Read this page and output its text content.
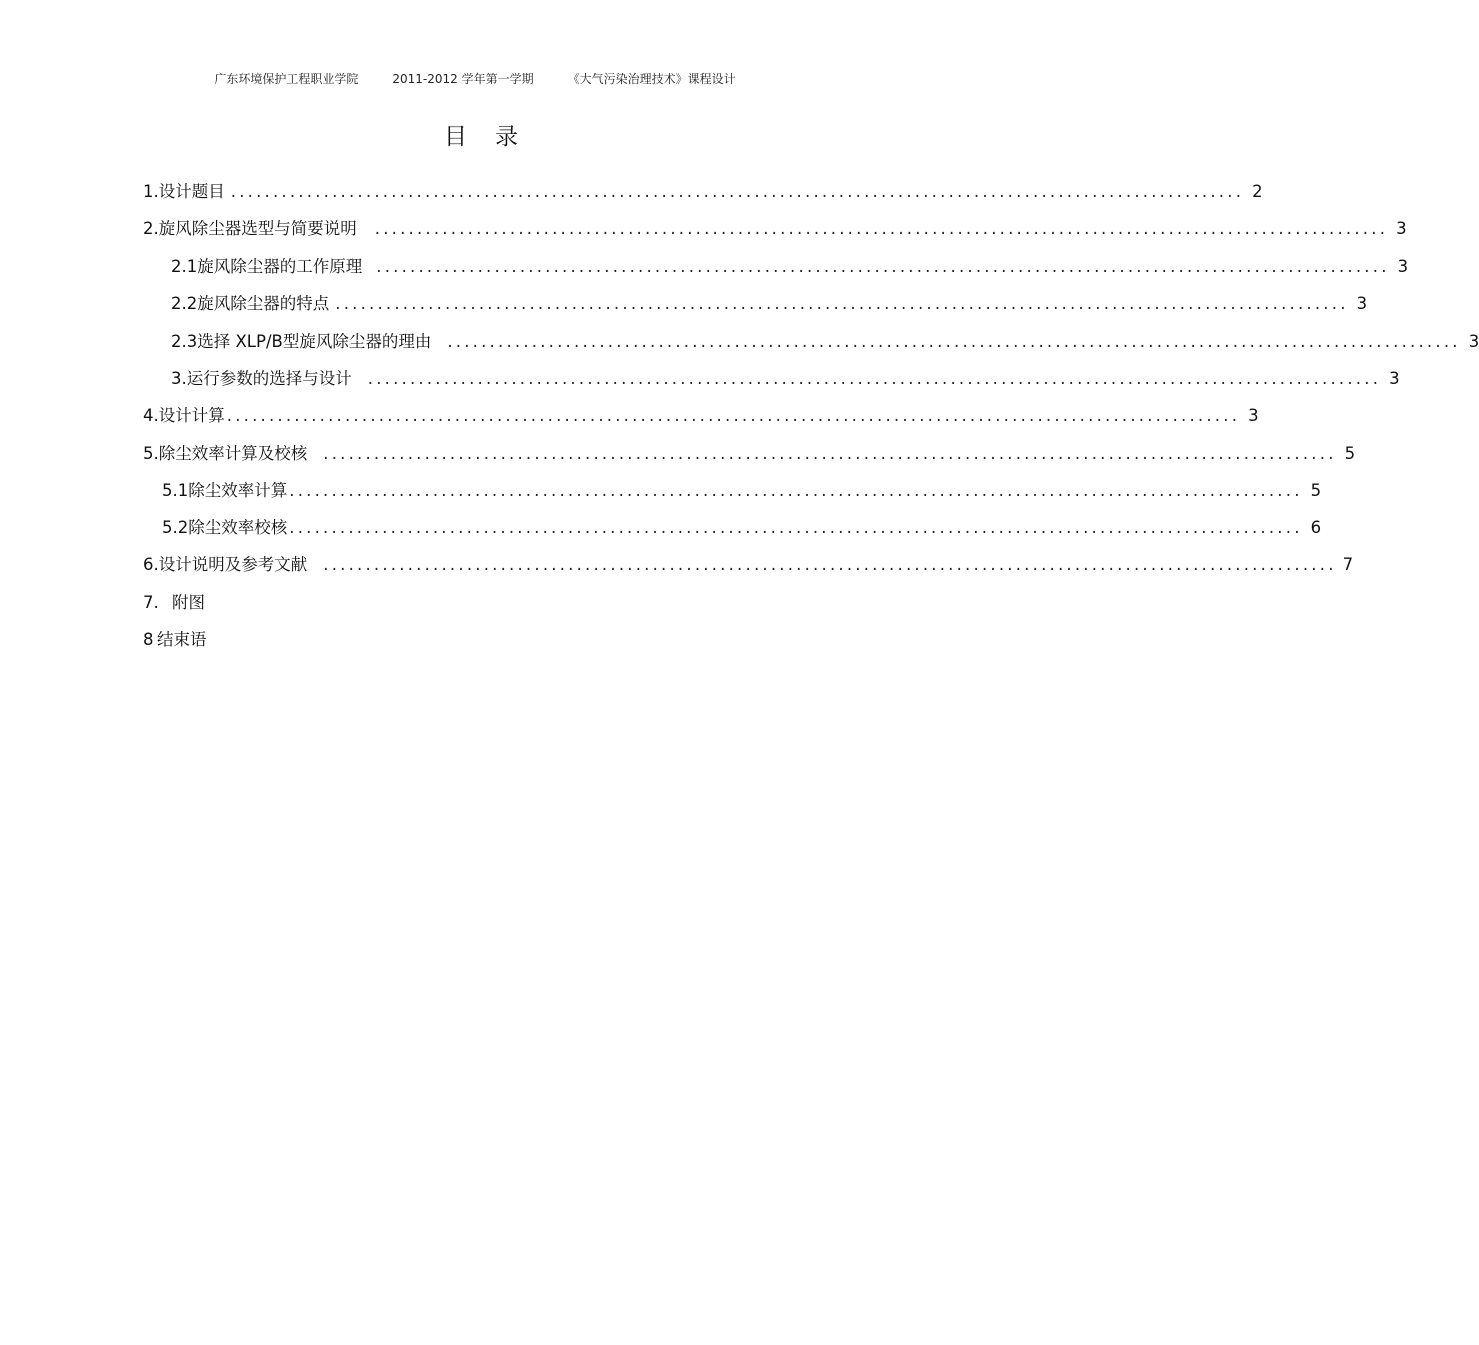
广东环境保护工程职业学院	2011-2012 学年第一学期	《大气污染治理技术》课程设计
目录
1. 设计题目 ........................................................................................................................ 2
2. 旋风除尘器选型与简要说明 ........................................................................................................................ 3
2.1 旋风除尘器的工作原理 ........................................................................................................................ 3
2.2 旋风除尘器的特点 ........................................................................................................................ 3
2.3 选择 XLP/B型旋风除尘器的理由 ........................................................................................................................ 3
3. 运行参数的选择与设计 ........................................................................................................................ 3
4. 设计计算 ........................................................................................................................ 3
5. 除尘效率计算及校核 ........................................................................................................................ 5
5.1 除尘效率计算 ........................................................................................................................ 5
5.2 除尘效率校核 ........................................................................................................................ 6
6. 设计说明及参考文献 ........................................................................................................................ 7
7. 附图
8 结束语
